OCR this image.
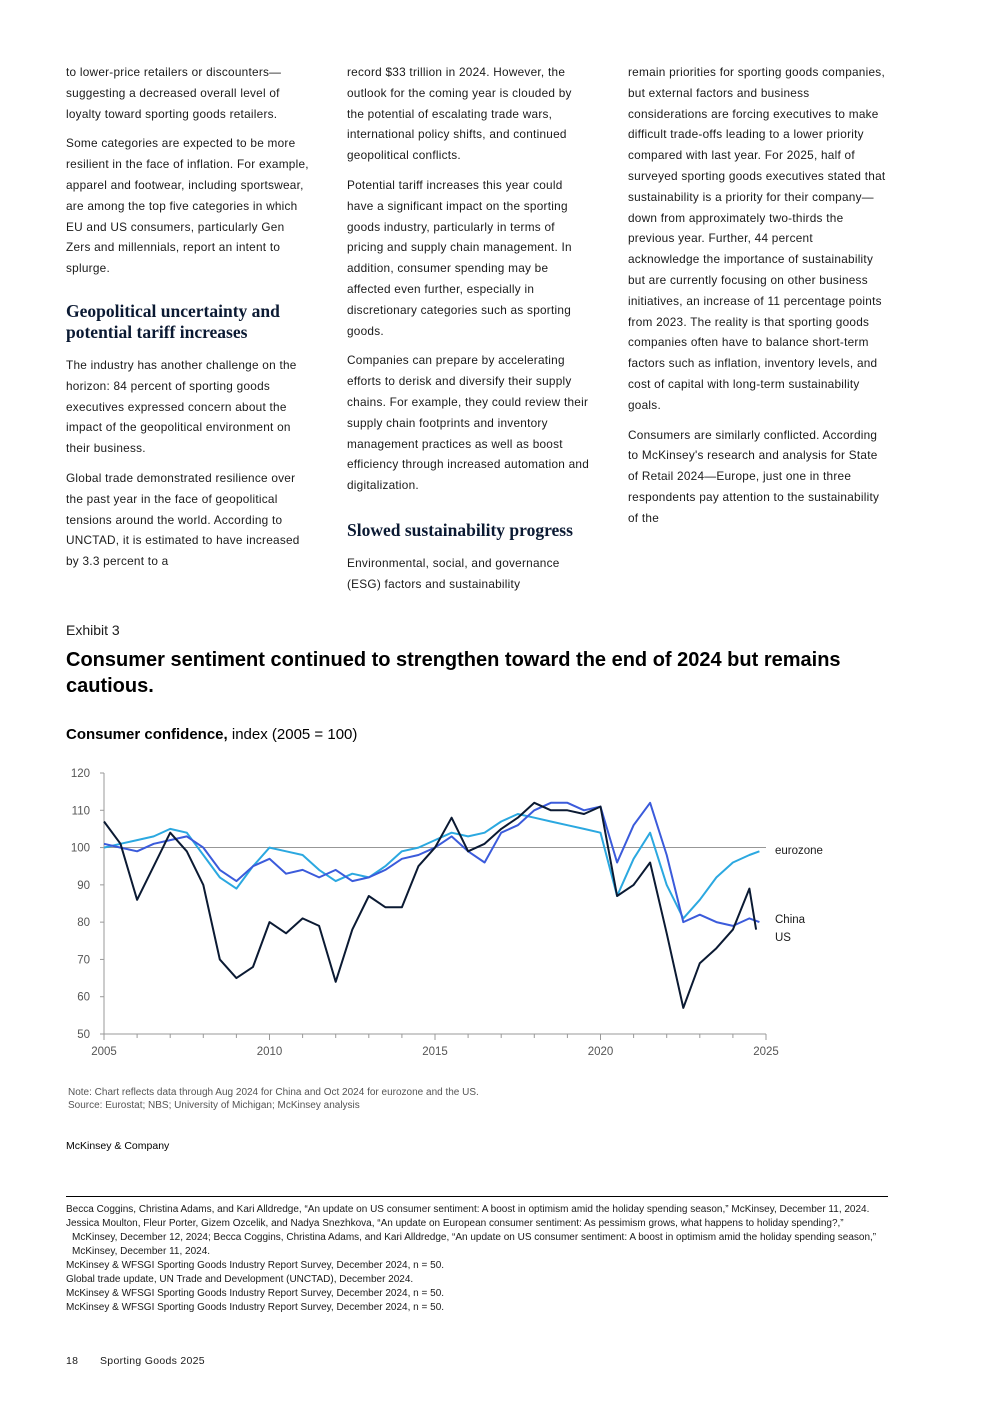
to lower-price retailers or discounters—suggesting a decreased overall level of loyalty toward sporting goods retailers.

Some categories are expected to be more resilient in the face of inflation. For example, apparel and footwear, including sportswear, are among the top five categories in which EU and US consumers, particularly Gen Zers and millennials, report an intent to splurge.

Geopolitical uncertainty and potential tariff increases

The industry has another challenge on the horizon: 84 percent of sporting goods executives expressed concern about the impact of the geopolitical environment on their business.

Global trade demonstrated resilience over the past year in the face of geopolitical tensions around the world. According to UNCTAD, it is estimated to have increased by 3.3 percent to a

record $33 trillion in 2024. However, the outlook for the coming year is clouded by the potential of escalating trade wars, international policy shifts, and continued geopolitical conflicts.

Potential tariff increases this year could have a significant impact on the sporting goods industry, particularly in terms of pricing and supply chain management. In addition, consumer spending may be affected even further, especially in discretionary categories such as sporting goods.

Companies can prepare by accelerating efforts to derisk and diversify their supply chains. For example, they could review their supply chain footprints and inventory management practices as well as boost efficiency through increased automation and digitalization.

Slowed sustainability progress

Environmental, social, and governance (ESG) factors and sustainability

remain priorities for sporting goods companies, but external factors and business considerations are forcing executives to make difficult trade-offs leading to a lower priority compared with last year. For 2025, half of surveyed sporting goods executives stated that sustainability is a priority for their company—down from approximately two-thirds the previous year. Further, 44 percent acknowledge the importance of sustainability but are currently focusing on other business initiatives, an increase of 11 percentage points from 2023. The reality is that sporting goods companies often have to balance short-term factors such as inflation, inventory levels, and cost of capital with long-term sustainability goals.

Consumers are similarly conflicted. According to McKinsey's research and analysis for State of Retail 2024—Europe, just one in three respondents pay attention to the sustainability of the

Exhibit 3
Consumer sentiment continued to strengthen toward the end of 2024 but remains cautious.
Consumer confidence, index (2005 = 100)
50
60
70
80
90
100
110
120
2005	2010	2015	2020	2025
eurozone
China
US
Note: Chart reflects data through Aug 2024 for China and Oct 2024 for eurozone and the US.
Source: Eurostat; NBS; University of Michigan; McKinsey analysis
McKinsey & Company

Becca Coggins, Christina Adams, and Kari Alldredge, “An update on US consumer sentiment: A boost in optimism amid the holiday spending season,” McKinsey, December 11, 2024.

Jessica Moulton, Fleur Porter, Gizem Ozcelik, and Nadya Snezhkova, “An update on European consumer sentiment: As pessimism grows, what happens to holiday spending?,” McKinsey, December 12, 2024; Becca Coggins, Christina Adams, and Kari Alldredge, “An update on US consumer sentiment: A boost in optimism amid the holiday spending season,” McKinsey, December 11, 2024.

McKinsey & WFSGI Sporting Goods Industry Report Survey, December 2024, n = 50.

Global trade update, UN Trade and Development (UNCTAD), December 2024.

McKinsey & WFSGI Sporting Goods Industry Report Survey, December 2024, n = 50.

McKinsey & WFSGI Sporting Goods Industry Report Survey, December 2024, n = 50.

18 Sporting Goods 2025
